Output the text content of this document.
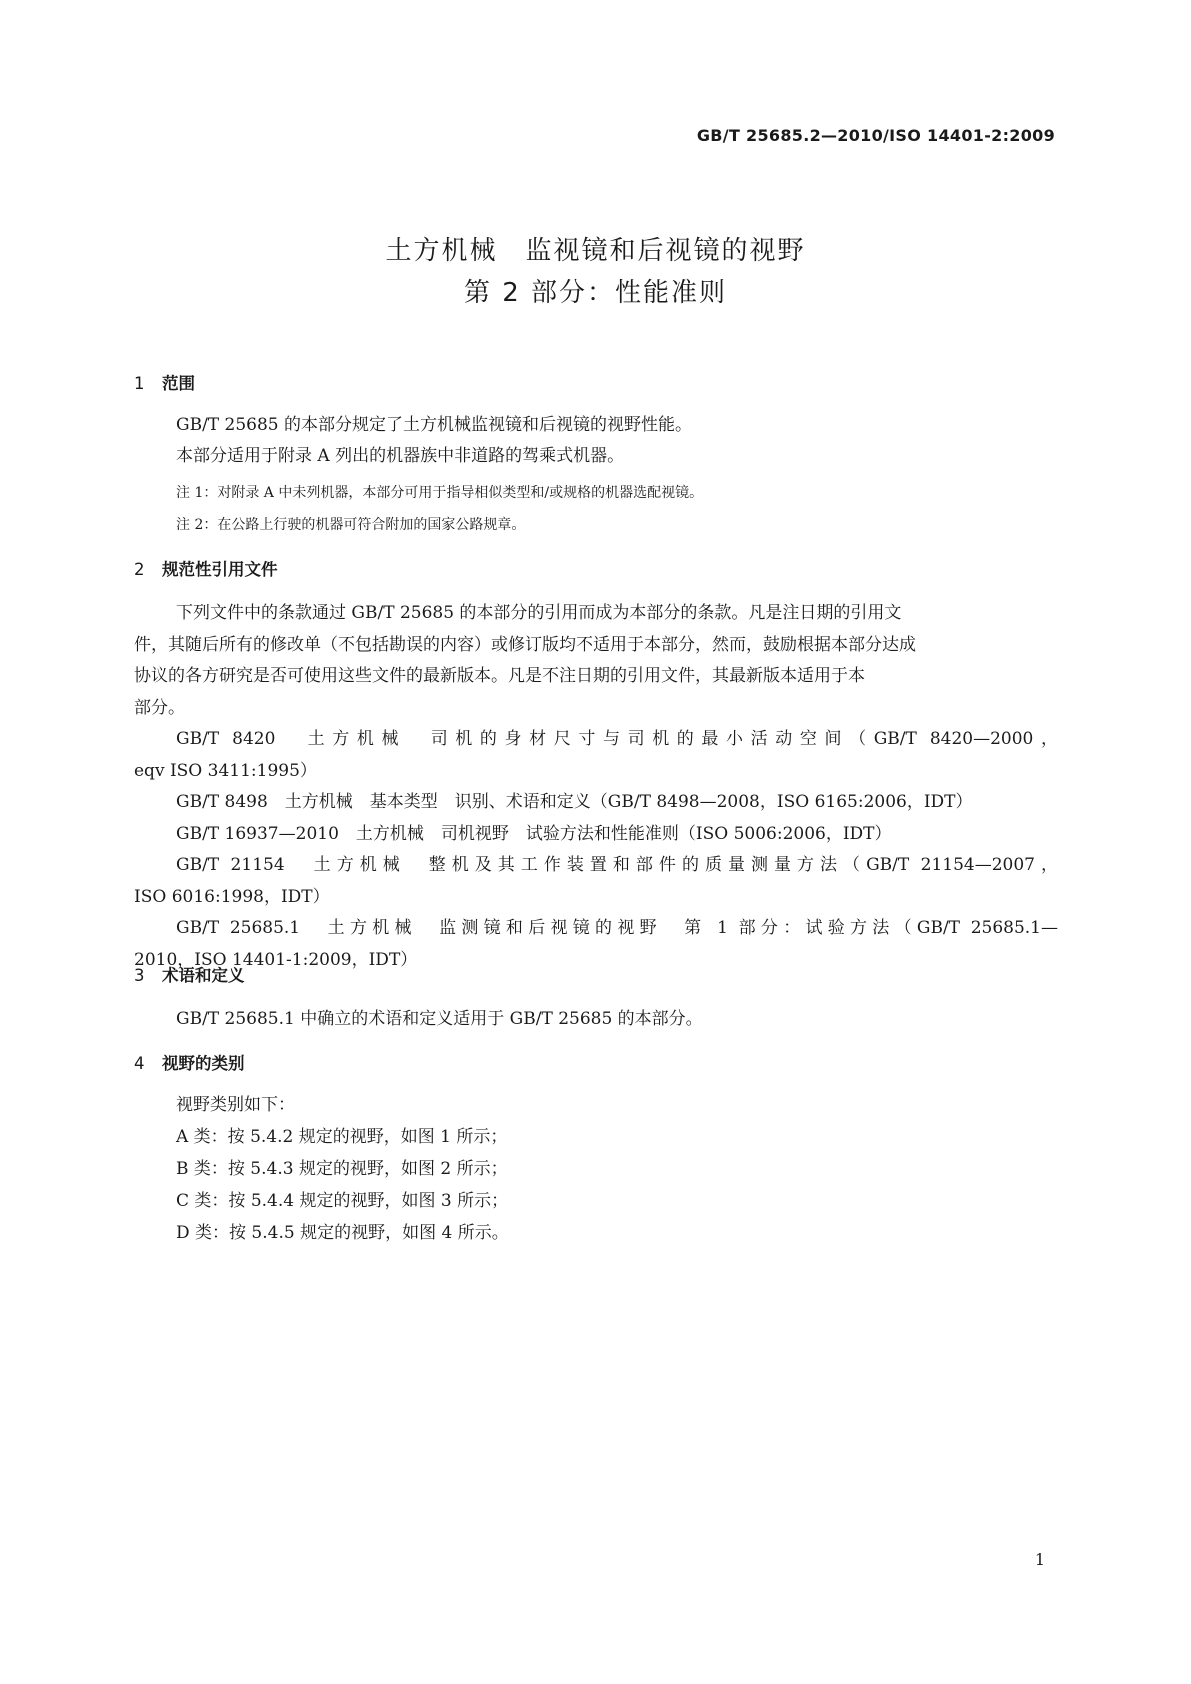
GB/T 25685.2—2010/ISO 14401-2:2009
土方机械　监视镜和后视镜的视野
第 2 部分：性能准则
1 范围
GB/T 25685 的本部分规定了土方机械监视镜和后视镜的视野性能。
本部分适用于附录 A 列出的机器族中非道路的驾乘式机器。
注 1：对附录 A 中未列机器，本部分可用于指导相似类型和/或规格的机器选配视镜。
注 2：在公路上行驶的机器可符合附加的国家公路规章。
2 规范性引用文件
下列文件中的条款通过 GB/T 25685 的本部分的引用而成为本部分的条款。凡是注日期的引用文
件，其随后所有的修改单（不包括勘误的内容）或修订版均不适用于本部分，然而，鼓励根据本部分达成
协议的各方研究是否可使用这些文件的最新版本。凡是不注日期的引用文件，其最新版本适用于本
部分。
GB/T 8420　土方机械　司机的身材尺寸与司机的最小活动空间（GB/T 8420—2000，
eqv ISO 3411:1995）
GB/T 8498　土方机械　基本类型　识别、术语和定义（GB/T 8498—2008，ISO 6165:2006，IDT）
GB/T 16937—2010　土方机械　司机视野　试验方法和性能准则（ISO 5006:2006，IDT）
GB/T 21154　土方机械　整机及其工作装置和部件的质量测量方法（GB/T 21154—2007，
ISO 6016:1998，IDT）
GB/T 25685.1　土方机械　监测镜和后视镜的视野　第 1 部分：试验方法（GB/T 25685.1—
2010，ISO 14401-1:2009，IDT）
3 术语和定义
GB/T 25685.1 中确立的术语和定义适用于 GB/T 25685 的本部分。
4 视野的类别
视野类别如下：
A 类：按 5.4.2 规定的视野，如图 1 所示；
B 类：按 5.4.3 规定的视野，如图 2 所示；
C 类：按 5.4.4 规定的视野，如图 3 所示；
D 类：按 5.4.5 规定的视野，如图 4 所示。
1
